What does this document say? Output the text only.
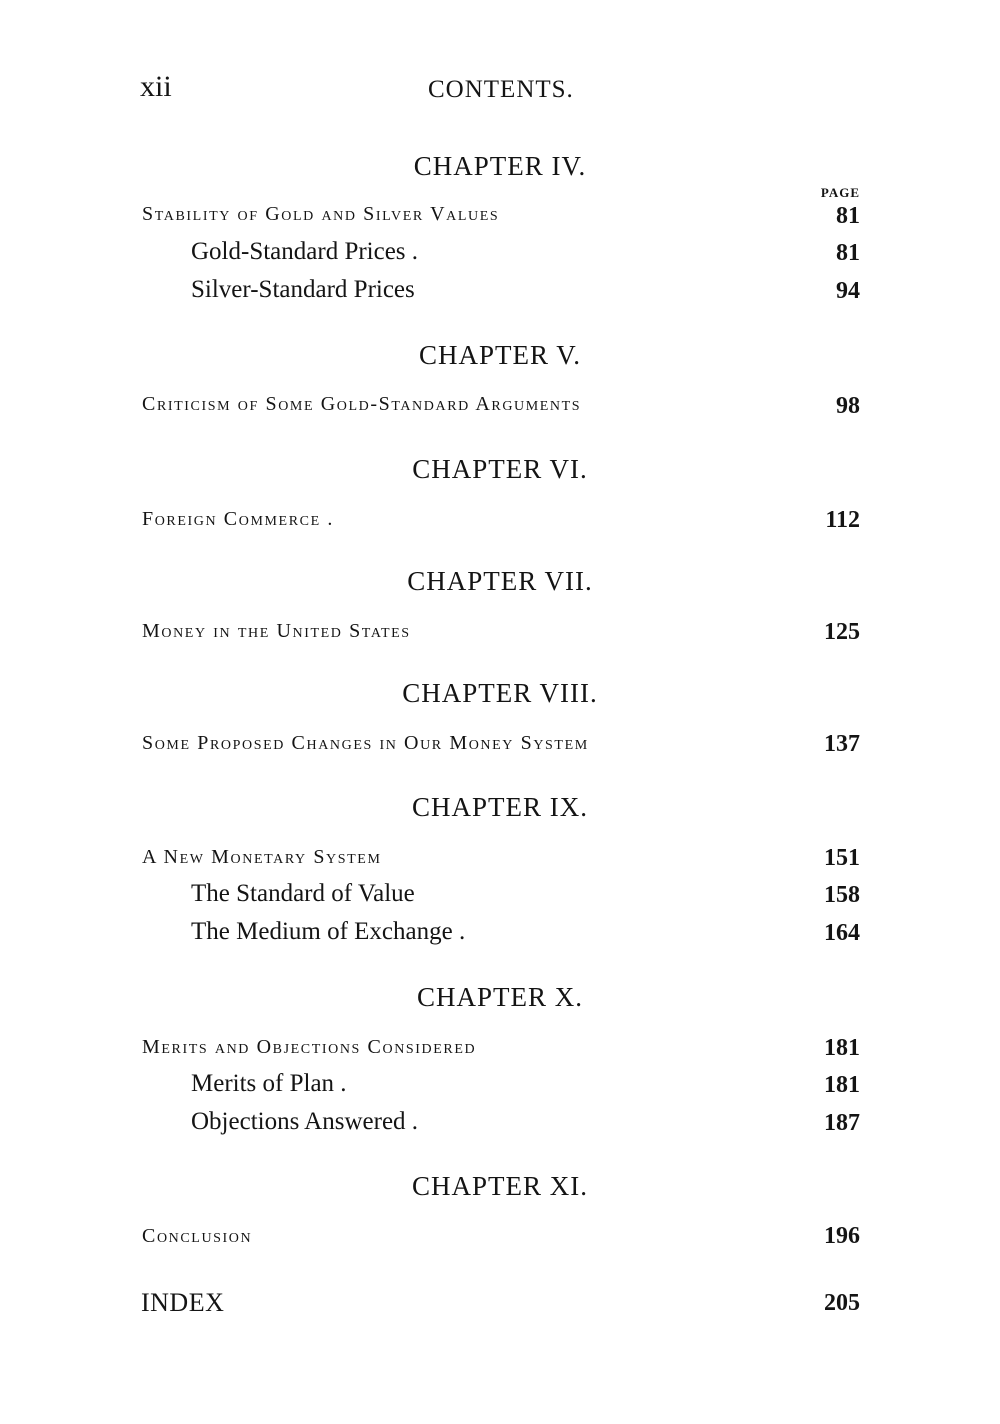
xii	CONTENTS.
CHAPTER IV.
PAGE
Stability of Gold and Silver Values	81
Gold-Standard Prices .	81
Silver-Standard Prices	94
CHAPTER V.
Criticism of Some Gold-Standard Arguments	98
CHAPTER VI.
Foreign Commerce .	112
CHAPTER VII.
Money in the United States	125
CHAPTER VIII.
Some Proposed Changes in Our Money System	137
CHAPTER IX.
A New Monetary System	151
The Standard of Value	158
The Medium of Exchange .	164
CHAPTER X.
Merits and Objections Considered	181
Merits of Plan .	181
Objections Answered .	187
CHAPTER XI.
Conclusion	196
INDEX	205
